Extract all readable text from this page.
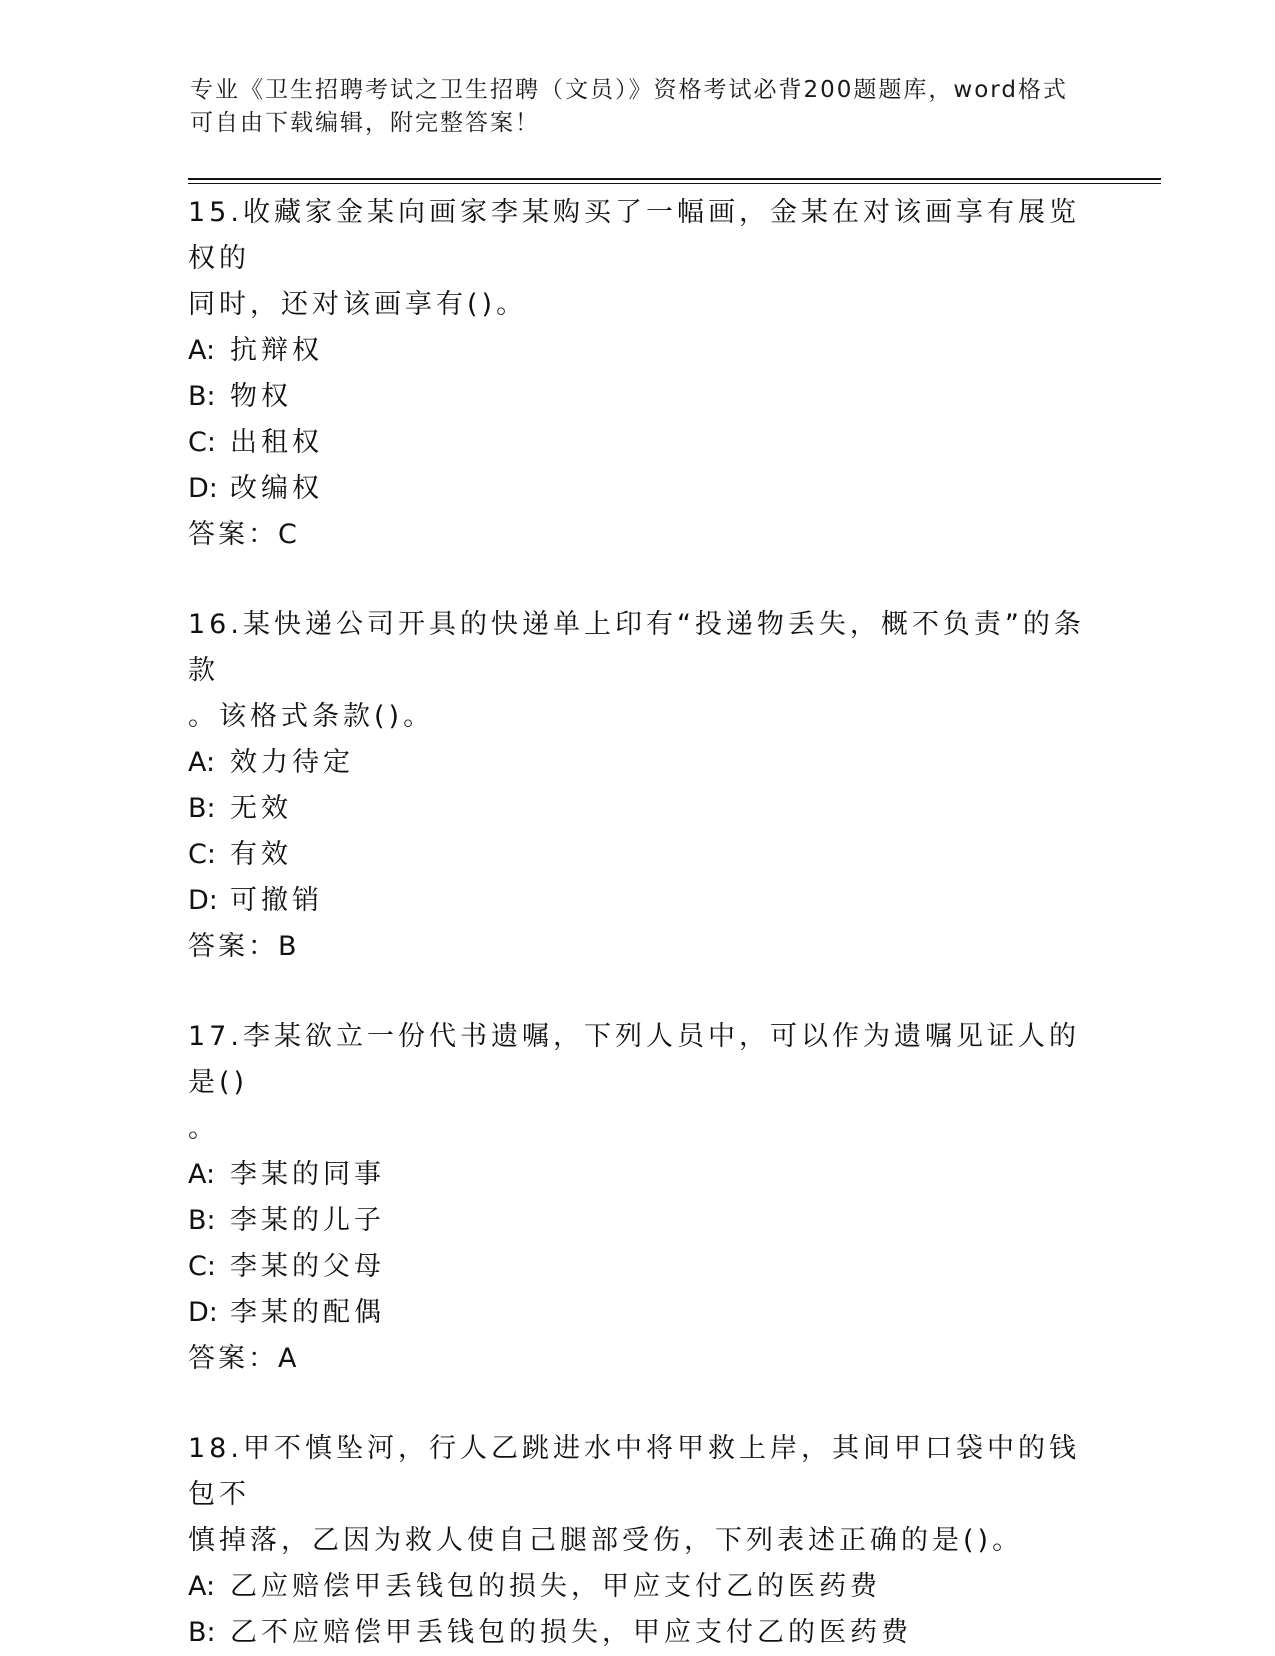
专业《卫生招聘考试之卫生招聘（文员）》资格考试必背200题题库，word格式
可自由下载编辑，附完整答案！

15.收藏家金某向画家李某购买了一幅画，金某在对该画享有展览权的

同时，还对该画享有()。

A: 抗辩权

B: 物权

C: 出租权

D: 改编权

答案：C

16.某快递公司开具的快递单上印有“投递物丢失，概不负责”的条款

。该格式条款()。

A: 效力待定

B: 无效

C: 有效

D: 可撤销

答案：B

17.李某欲立一份代书遗嘱，下列人员中，可以作为遗嘱见证人的是()

。

A: 李某的同事

B: 李某的儿子

C: 李某的父母

D: 李某的配偶

答案：A

18.甲不慎坠河，行人乙跳进水中将甲救上岸，其间甲口袋中的钱包不

慎掉落，乙因为救人使自己腿部受伤，下列表述正确的是()。

A: 乙应赔偿甲丢钱包的损失，甲应支付乙的医药费

B: 乙不应赔偿甲丢钱包的损失，甲应支付乙的医药费
